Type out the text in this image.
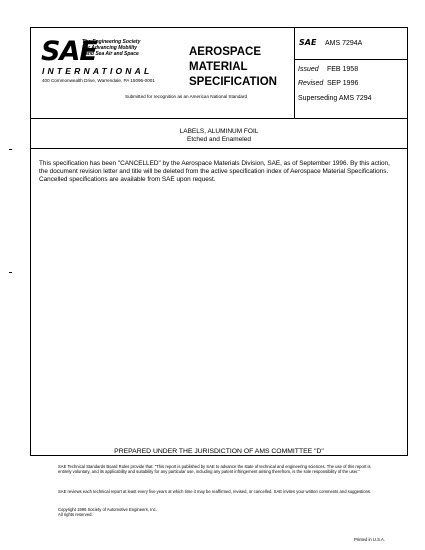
SAE
The Engineering Society
For Advancing Mobility
Land Sea Air and Space
INTERNATIONAL
400 Commonwealth Drive, Warrendale, PA 15096-0001
AEROSPACE
MATERIAL
SPECIFICATION
Submitted for recognition as an American National Standard
SAE AMS 7294A
Issued FEB 1958
Revised SEP 1996
Superseding AMS 7294
LABELS, ALUMINUM FOIL
Etched and Enameled
This specification has been "CANCELLED" by the Aerospace Materials Division, SAE, as of September 1996. By this action, the document revision letter and title will be deleted from the active specification index of Aerospace Material Specifications. Cancelled specifications are available from SAE upon request.
PREPARED UNDER THE JURISDICTION OF AMS COMMITTEE "D"
SAE Technical Standards Board Rules provide that: "This report is published by SAE to advance the state of technical and engineering sciences. The use of this report is entirely voluntary, and its applicability and suitability for any particular use, including any patent infringement arising therefrom, is the sole responsibility of the user."
SAE reviews each technical report at least every five years at which time it may be reaffirmed, revised, or cancelled. SAE invites your written comments and suggestions.
Copyright 1996 Society of Automotive Engineers, Inc.
All rights reserved.
Printed in U.S.A.
